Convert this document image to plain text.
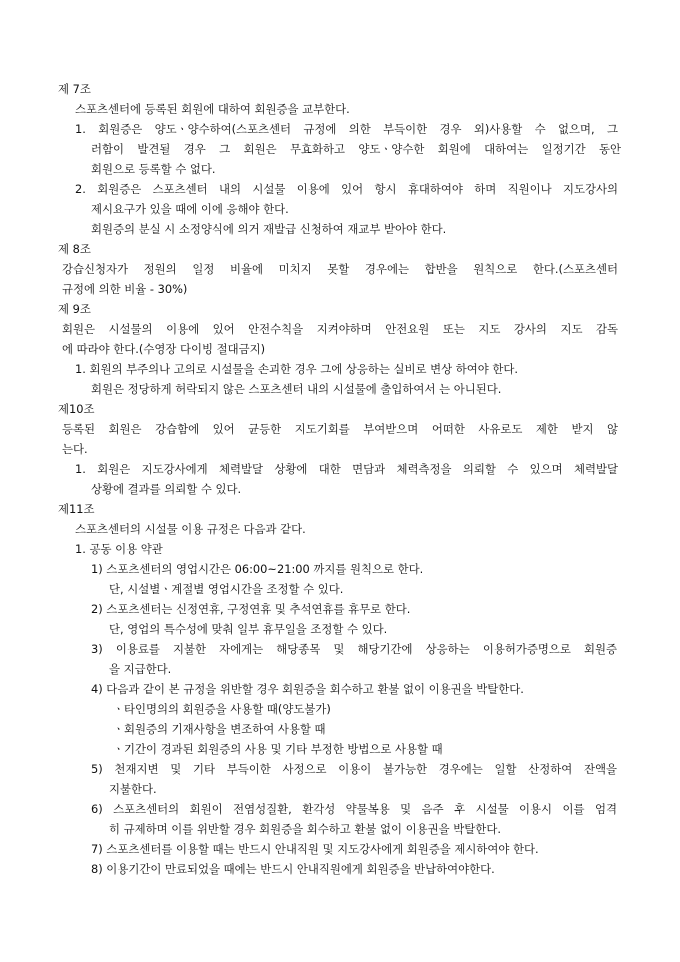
제 7조
스포츠센터에 등록된 회원에 대하여 회원증을 교부한다.
1. 회원증은 양도ㆍ양수하여(스포츠센터 규정에 의한 부득이한 경우 외)사용할 수 없으며, 그
러함이 발견될 경우 그 회원은 무효화하고 양도ㆍ양수한 회원에 대하여는 일정기간 동안
회원으로 등록할 수 없다.
2. 회원증은 스포츠센터 내의 시설물 이용에 있어 항시 휴대하여야 하며 직원이나 지도강사의
제시요구가 있을 때에 이에 응해야 한다.
회원증의 분실 시 소정양식에 의거 재발급 신청하여 재교부 받아야 한다.
제 8조
강습신청자가 정원의 일정 비율에 미치지 못할 경우에는 합반을 원칙으로 한다.(스포츠센터
규정에 의한 비율 - 30%)
제 9조
회원은 시설물의 이용에 있어 안전수칙을 지켜야하며 안전요원 또는 지도 강사의 지도 감독
에 따라야 한다.(수영장 다이빙 절대금지)
1. 회원의 부주의나 고의로 시설물을 손괴한 경우 그에 상응하는 실비로 변상 하여야 한다.
회원은 정당하게 허락되지 않은 스포츠센터 내의 시설물에 출입하여서 는 아니된다.
제10조
등록된 회원은 강습함에 있어 균등한 지도기회를 부여받으며 어떠한 사유로도 제한 받지 않
는다.
1. 회원은 지도강사에게 체력발달 상황에 대한 면담과 체력측정을 의뢰할 수 있으며 체력발달
상황에 결과를 의뢰할 수 있다.
제11조
스포츠센터의 시설물 이용 규정은 다음과 같다.
1. 공동 이용 약관
1) 스포츠센터의 영업시간은 06:00~21:00 까지를 원칙으로 한다.
단, 시설별ㆍ계절별 영업시간을 조정할 수 있다.
2) 스포츠센터는 신정연휴, 구정연휴 및 추석연휴를 휴무로 한다.
단, 영업의 특수성에 맞춰 일부 휴무일을 조정할 수 있다.
3) 이용료를 지불한 자에게는 해당종목 및 해당기간에 상응하는 이용허가증명으로 회원증
을 지급한다.
4) 다음과 같이 본 규정을 위반할 경우 회원증을 회수하고 환불 없이 이용권을 박탈한다.
ㆍ타인명의의 회원증을 사용할 때(양도불가)
ㆍ회원증의 기재사항을 변조하여 사용할 때
ㆍ기간이 경과된 회원증의 사용 및 기타 부정한 방법으로 사용할 때
5) 천재지변 및 기타 부득이한 사정으로 이용이 불가능한 경우에는 일할 산정하여 잔액을
지불한다.
6) 스포츠센터의 회원이 전염성질환, 환각성 약물복용 및 음주 후 시설물 이용시 이를 엄격
히 규제하며 이를 위반할 경우 회원증을 회수하고 환불 없이 이용권을 박탈한다.
7) 스포츠센터를 이용할 때는 반드시 안내직원 및 지도강사에게 회원증을 제시하여야 한다.
8) 이용기간이 만료되었을 때에는 반드시 안내직원에게 회원증을 반납하여야한다.
